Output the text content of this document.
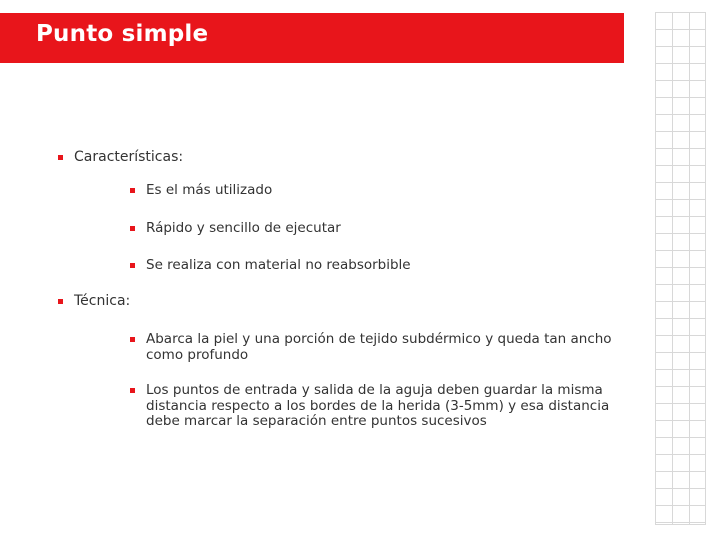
Punto simple
Características:
Es el más utilizado
Rápido y sencillo de ejecutar
Se realiza con material no reabsorbible
Técnica:
Abarca la piel y una porción de tejido subdérmico y queda tan ancho como profundo
Los puntos de entrada y salida de la aguja deben guardar la misma distancia respecto a los bordes de la herida (3-5mm) y esa distancia debe marcar la separación entre puntos sucesivos
